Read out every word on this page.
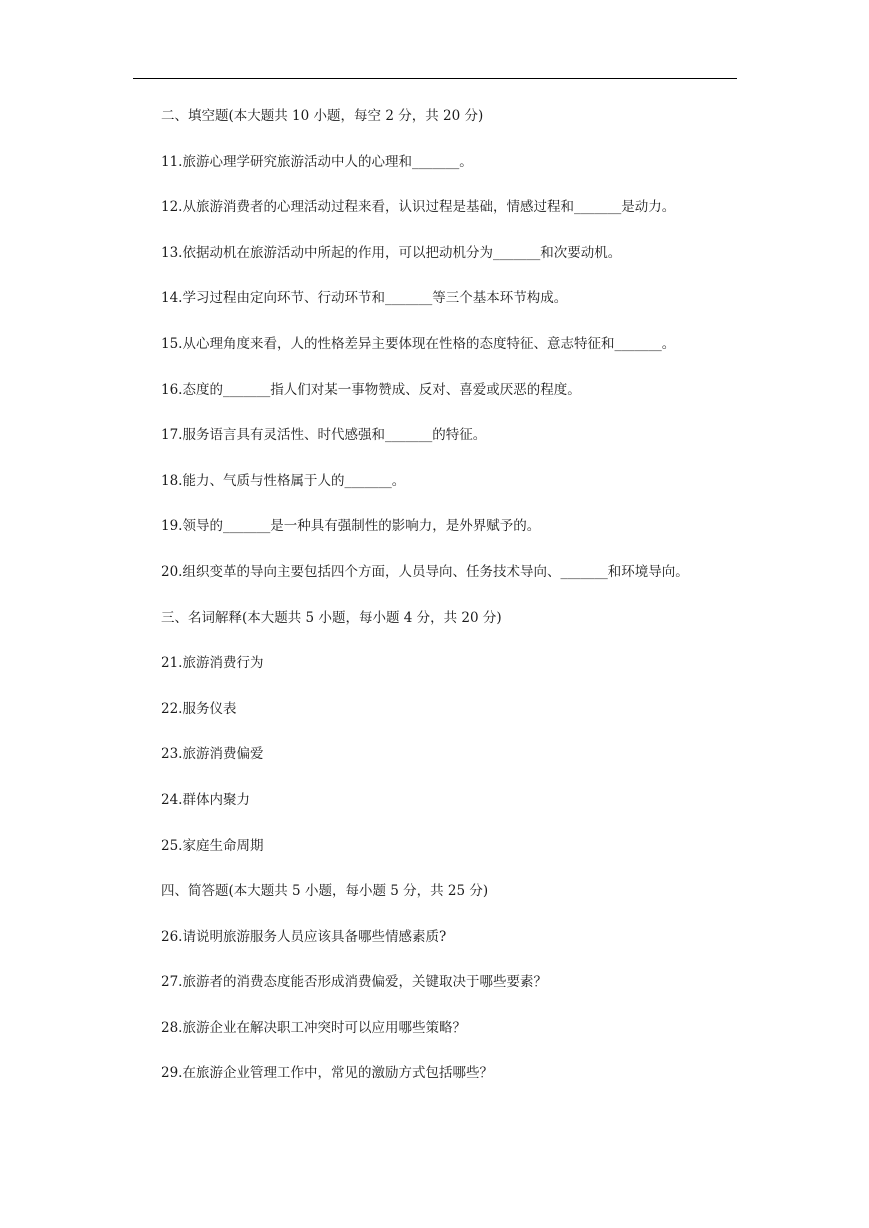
二、填空题(本大题共 10 小题，每空 2 分，共 20 分)
11.旅游心理学研究旅游活动中人的心理和_______。
12.从旅游消费者的心理活动过程来看，认识过程是基础，情感过程和_______是动力。
13.依据动机在旅游活动中所起的作用，可以把动机分为_______和次要动机。
14.学习过程由定向环节、行动环节和_______等三个基本环节构成。
15.从心理角度来看，人的性格差异主要体现在性格的态度特征、意志特征和_______。
16.态度的_______指人们对某一事物赞成、反对、喜爱或厌恶的程度。
17.服务语言具有灵活性、时代感强和_______的特征。
18.能力、气质与性格属于人的_______。
19.领导的_______是一种具有强制性的影响力，是外界赋予的。
20.组织变革的导向主要包括四个方面，人员导向、任务技术导向、_______和环境导向。
三、名词解释(本大题共 5 小题，每小题 4 分，共 20 分)
21.旅游消费行为
22.服务仪表
23.旅游消费偏爱
24.群体内聚力
25.家庭生命周期
四、简答题(本大题共 5 小题，每小题 5 分，共 25 分)
26.请说明旅游服务人员应该具备哪些情感素质?
27.旅游者的消费态度能否形成消费偏爱，关键取决于哪些要素？
28.旅游企业在解决职工冲突时可以应用哪些策略？
29.在旅游企业管理工作中，常见的激励方式包括哪些？
